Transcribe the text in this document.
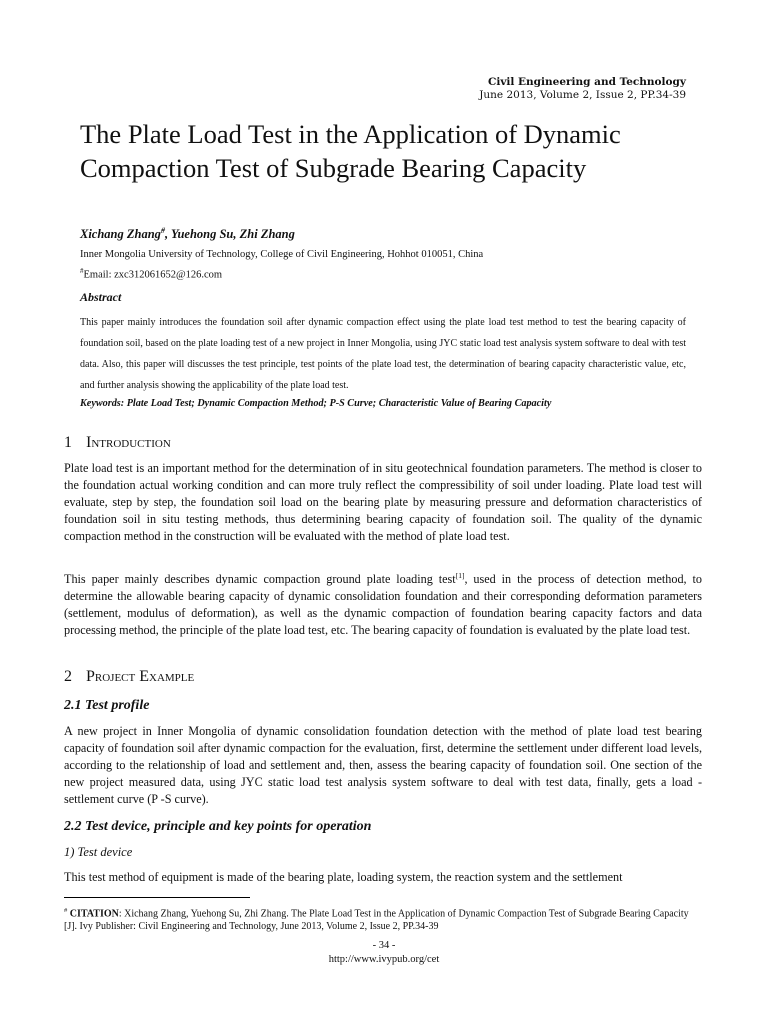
Civil Engineering and Technology
June 2013, Volume 2, Issue 2, PP.34-39
The Plate Load Test in the Application of Dynamic Compaction Test of Subgrade Bearing Capacity
Xichang Zhang#, Yuehong Su, Zhi Zhang
Inner Mongolia University of Technology, College of Civil Engineering, Hohhot 010051, China
#Email: zxc312061652@126.com
Abstract
This paper mainly introduces the foundation soil after dynamic compaction effect using the plate load test method to test the bearing capacity of foundation soil, based on the plate loading test of a new project in Inner Mongolia, using JYC static load test analysis system software to deal with test data. Also, this paper will discusses the test principle, test points of the plate load test, the determination of bearing capacity characteristic value, etc, and further analysis showing the applicability of the plate load test.
Keywords: Plate Load Test; Dynamic Compaction Method; P-S Curve; Characteristic Value of Bearing Capacity
1 Introduction

Plate load test is an important method for the determination of in situ geotechnical foundation parameters. The method is closer to the foundation actual working condition and can more truly reflect the compressibility of soil under loading. Plate load test will evaluate, step by step, the foundation soil load on the bearing plate by measuring pressure and deformation characteristics of foundation soil in situ testing methods, thus determining bearing capacity of foundation soil. The quality of the dynamic compaction method in the construction will be evaluated with the method of plate load test.

This paper mainly describes dynamic compaction ground plate loading test[1], used in the process of detection method, to determine the allowable bearing capacity of dynamic consolidation foundation and their corresponding deformation parameters (settlement, modulus of deformation), as well as the dynamic compaction of foundation bearing capacity factors and data processing method, the principle of the plate load test, etc. The bearing capacity of foundation is evaluated by the plate load test.

2 Project Example
2.1 Test profile

A new project in Inner Mongolia of dynamic consolidation foundation detection with the method of plate load test bearing capacity of foundation soil after dynamic compaction for the evaluation, first, determine the settlement under different load levels, according to the relationship of load and settlement and, then, assess the bearing capacity of foundation soil. One section of the new project measured data, using JYC static load test analysis system software to deal with test data, finally, gets a load - settlement curve (P -S curve).

2.2 Test device, principle and key points for operation
1) Test device

This test method of equipment is made of the bearing plate, loading system, the reaction system and the settlement

# CITATION: Xichang Zhang, Yuehong Su, Zhi Zhang. The Plate Load Test in the Application of Dynamic Compaction Test of Subgrade Bearing Capacity [J]. Ivy Publisher: Civil Engineering and Technology, June 2013, Volume 2, Issue 2, PP.34-39
- 34 -
http://www.ivypub.org/cet
